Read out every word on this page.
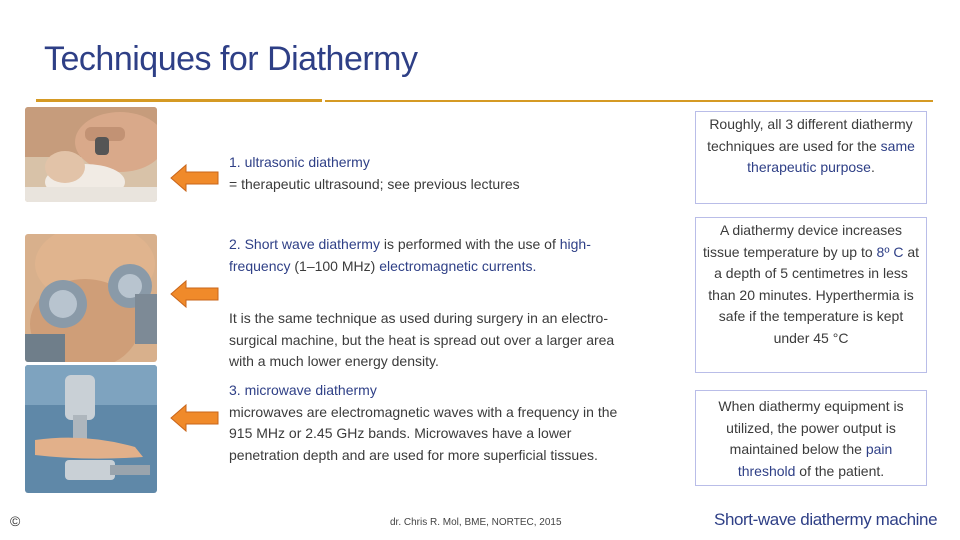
Techniques for Diathermy
1. ultrasonic diathermy
= therapeutic ultrasound; see previous lectures
2. Short wave diathermy is performed with the use of high-frequency (1–100 MHz) electromagnetic currents.
It is the same technique as used during surgery in an electro-surgical machine, but the heat is spread out over a larger area with a much lower energy density.
3. microwave diathermy
microwaves are electromagnetic waves with a frequency in the 915 MHz or 2.45 GHz bands. Microwaves have a lower penetration depth and are used for more superficial tissues.
Roughly, all 3 different diathermy techniques are used for the same therapeutic purpose.
A diathermy device increases tissue temperature by up to 8º C at a depth of 5 centimetres in less than 20 minutes. Hyperthermia is safe if the temperature is kept under 45 °C
When diathermy equipment is utilized, the power output is maintained below the pain threshold of the patient.
©	dr. Chris R. Mol, BME, NORTEC, 2015	Short-wave diathermy machine
